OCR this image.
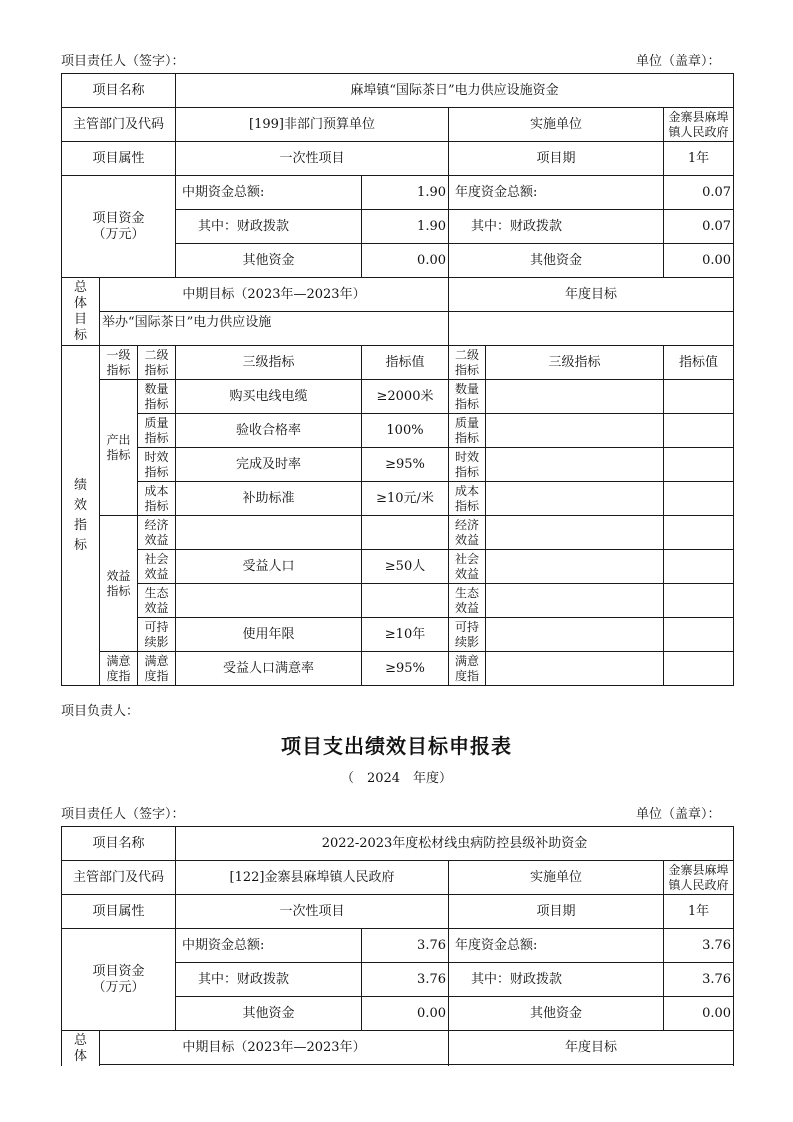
项目责任人（签字）：	单位（盖章）：
项目名称			麻埠镇“国际茶日”电力供应设施资金				
主管部门及代码			[199]非部门预算单位		实施单位		金寨县麻埠镇人民政府
项目属性			一次性项目		项目期		1年
项目资金（万元）			中期资金总额:	1.90	年度资金总额:		0.07
			其中：财政拨款	1.90	其中：财政拨款		0.07
			其他资金	0.00	其他资金		0.00
总体目标	中期目标（2023年—2023年）				年度目标		
	举办“国际茶日”电力供应设施						
绩效指标	一级指标	二级指标	三级指标	指标值	二级指标	三级指标	指标值
	产出指标	数量指标	购买电线电缆	≥2000米	数量指标		
		质量指标	验收合格率	100%	质量指标		
		时效指标	完成及时率	≥95%	时效指标		
		成本指标	补助标准	≥10元/米	成本指标		
	效益指标	经济效益			经济效益		
		社会效益	受益人口	≥50人	社会效益		
		生态效益			生态效益		
		可持续影	使用年限	≥10年	可持续影		
	满意度指	满意度指	受益人口满意率	≥95%	满意度指		
项目负责人：
项目支出绩效目标申报表
（　2024　年度）
项目责任人（签字）：	单位（盖章）：
项目名称		2022-2023年度松材线虫病防控县级补助资金			
主管部门及代码		[122]金寨县麻埠镇人民政府		实施单位	金寨县麻埠镇人民政府
项目属性		一次性项目		项目期	1年
项目资金（万元）		中期资金总额:	3.76	年度资金总额:	3.76
		其中：财政拨款	3.76	其中：财政拨款	3.76
		其他资金	0.00	其他资金	0.00
总体	中期目标（2023年—2023年）			年度目标	
